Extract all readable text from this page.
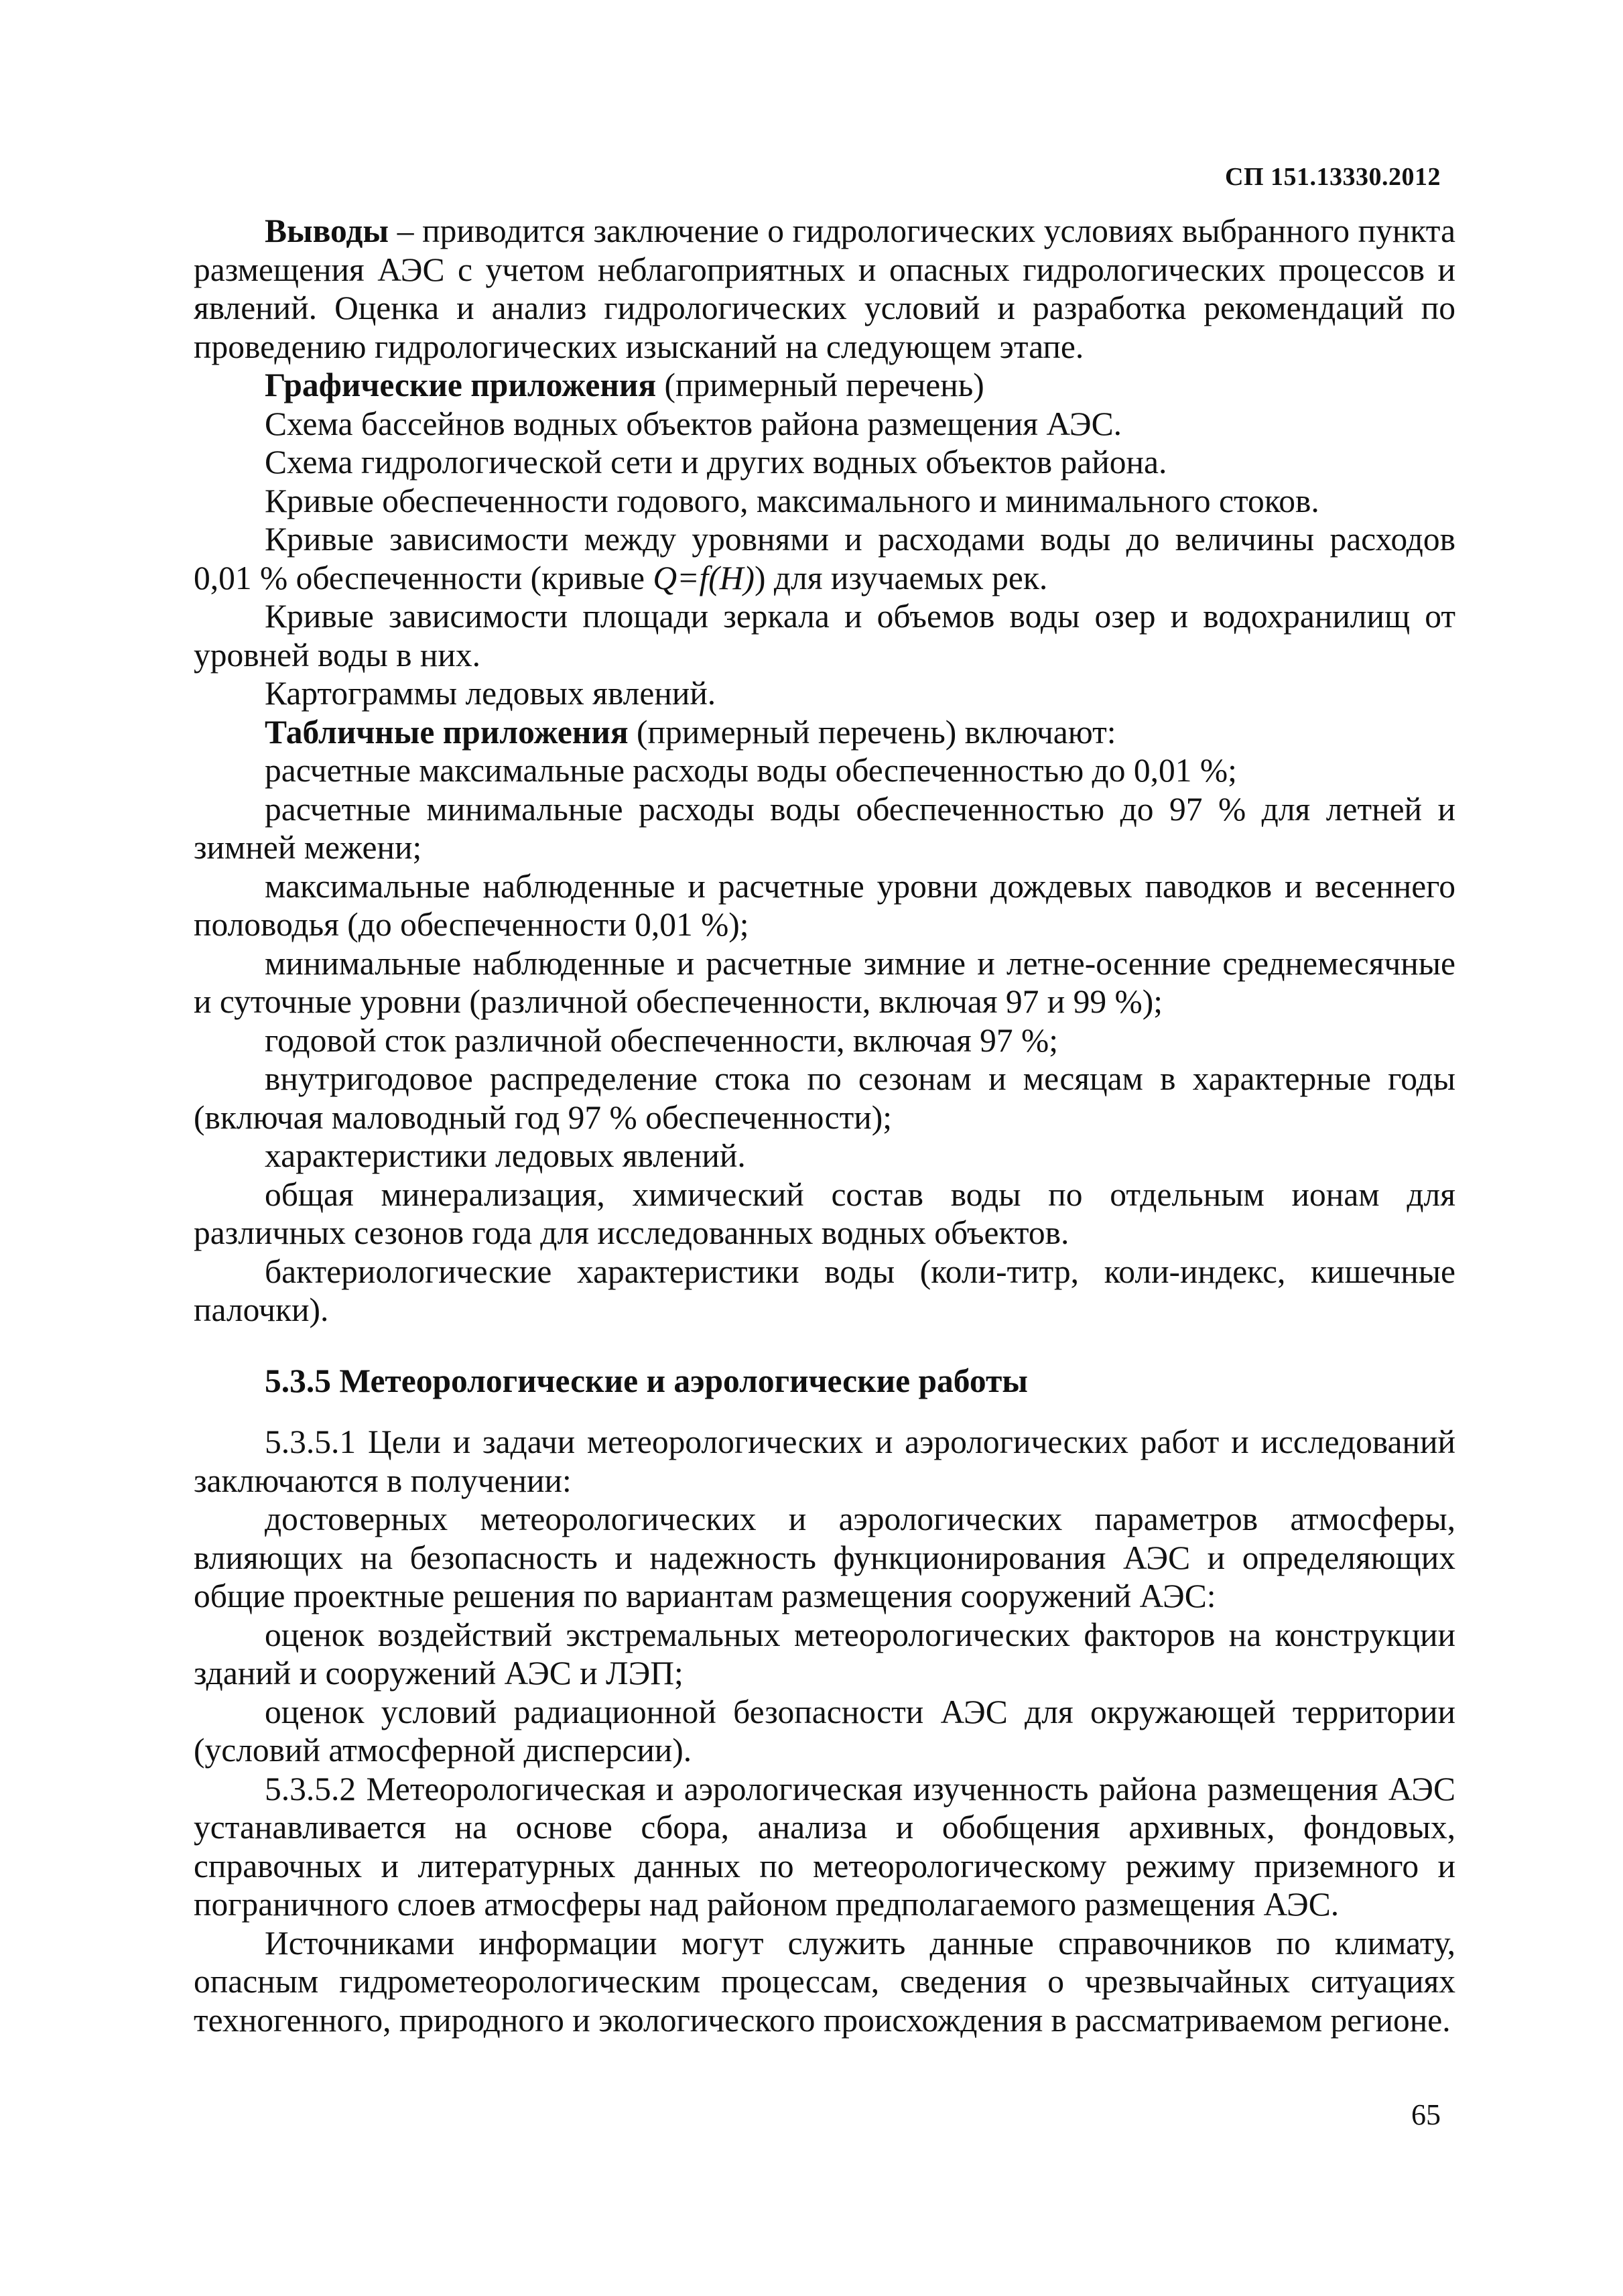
СП 151.13330.2012

Выводы – приводится заключение о гидрологических условиях выбранного пункта размещения АЭС с учетом неблагоприятных и опасных гидрологических процессов и явлений. Оценка и анализ гидрологических условий и разработка рекомендаций по проведению гидрологических изысканий на следующем этапе.

Графические приложения (примерный перечень)

Схема бассейнов водных объектов района размещения АЭС.

Схема гидрологической сети и других водных объектов района.

Кривые обеспеченности годового, максимального и минимального стоков.

Кривые зависимости между уровнями и расходами воды до величины расходов 0,01 % обеспеченности (кривые Q=f(H)) для изучаемых рек.

Кривые зависимости площади зеркала и объемов воды озер и водохранилищ от уровней воды в них.

Картограммы ледовых явлений.

Табличные приложения (примерный перечень) включают:

расчетные максимальные расходы воды обеспеченностью до 0,01 %;

расчетные минимальные расходы воды обеспеченностью до 97 % для летней и зимней межени;

максимальные наблюденные и расчетные уровни дождевых паводков и весеннего половодья (до обеспеченности 0,01 %);

минимальные наблюденные и расчетные зимние и летне-осенние среднемесячные и суточные уровни (различной обеспеченности, включая 97 и 99 %);

годовой сток различной обеспеченности, включая 97 %;

внутригодовое распределение стока по сезонам и месяцам в характерные годы (включая маловодный год 97 % обеспеченности);

характеристики ледовых явлений.

общая минерализация, химический состав воды по отдельным ионам для различных сезонов года для исследованных водных объектов.

бактериологические характеристики воды (коли-титр, коли-индекс, кишечные палочки).

5.3.5 Метеорологические и аэрологические работы

5.3.5.1 Цели и задачи метеорологических и аэрологических работ и исследований заключаются в получении:

достоверных метеорологических и аэрологических параметров атмосферы, влияющих на безопасность и надежность функционирования АЭС и определяющих общие проектные решения по вариантам размещения сооружений АЭС:

оценок воздействий экстремальных метеорологических факторов на конструкции зданий и сооружений АЭС и ЛЭП;

оценок условий радиационной безопасности АЭС для окружающей территории (условий атмосферной дисперсии).

5.3.5.2 Метеорологическая и аэрологическая изученность района размещения АЭС устанавливается на основе сбора, анализа и обобщения архивных, фондовых, справочных и литературных данных по метеорологическому режиму приземного и пограничного слоев атмосферы над районом предполагаемого размещения АЭС.

Источниками информации могут служить данные справочников по климату, опасным гидрометеорологическим процессам, сведения о чрезвычайных ситуациях техногенного, природного и экологического происхождения в рассматриваемом регионе.

65
